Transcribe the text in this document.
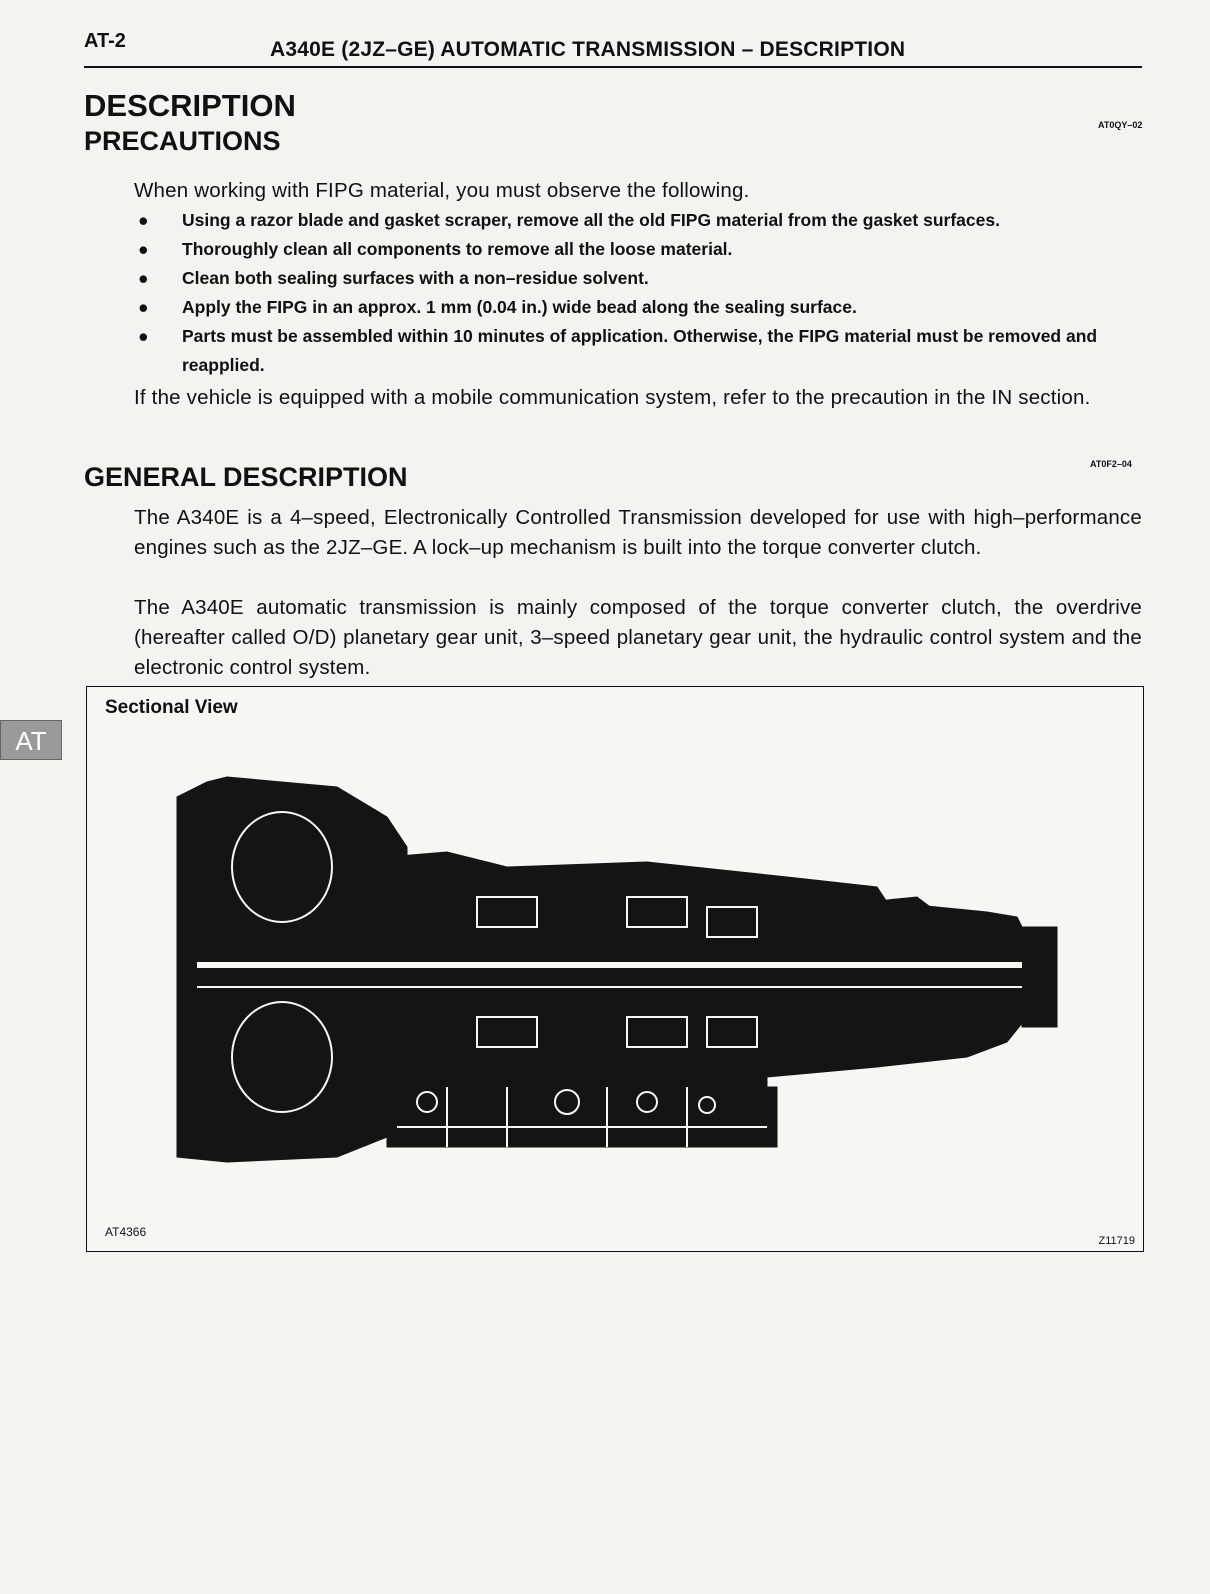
AT-2	A340E (2JZ–GE) AUTOMATIC TRANSMISSION – DESCRIPTION
DESCRIPTION
PRECAUTIONS
AT0QY–02
When working with FIPG material, you must observe the following.
● Using a razor blade and gasket scraper, remove all the old FIPG material from the gasket surfaces.
● Thoroughly clean all components to remove all the loose material.
● Clean both sealing surfaces with a non–residue solvent.
● Apply the FIPG in an approx. 1 mm (0.04 in.) wide bead along the sealing surface.
● Parts must be assembled within 10 minutes of application. Otherwise, the FIPG material must be removed and reapplied.
If the vehicle is equipped with a mobile communication system, refer to the precaution in the IN section.
GENERAL DESCRIPTION	AT0F2–04
The A340E is a 4–speed, Electronically Controlled Transmission developed for use with high–performance engines such as the 2JZ–GE. A lock–up mechanism is built into the torque converter clutch.
The A340E automatic transmission is mainly composed of the torque converter clutch, the overdrive (hereafter called O/D) planetary gear unit, 3–speed planetary gear unit, the hydraulic control system and the electronic control system.
Sectional View
AT4366
Z11719
AT
